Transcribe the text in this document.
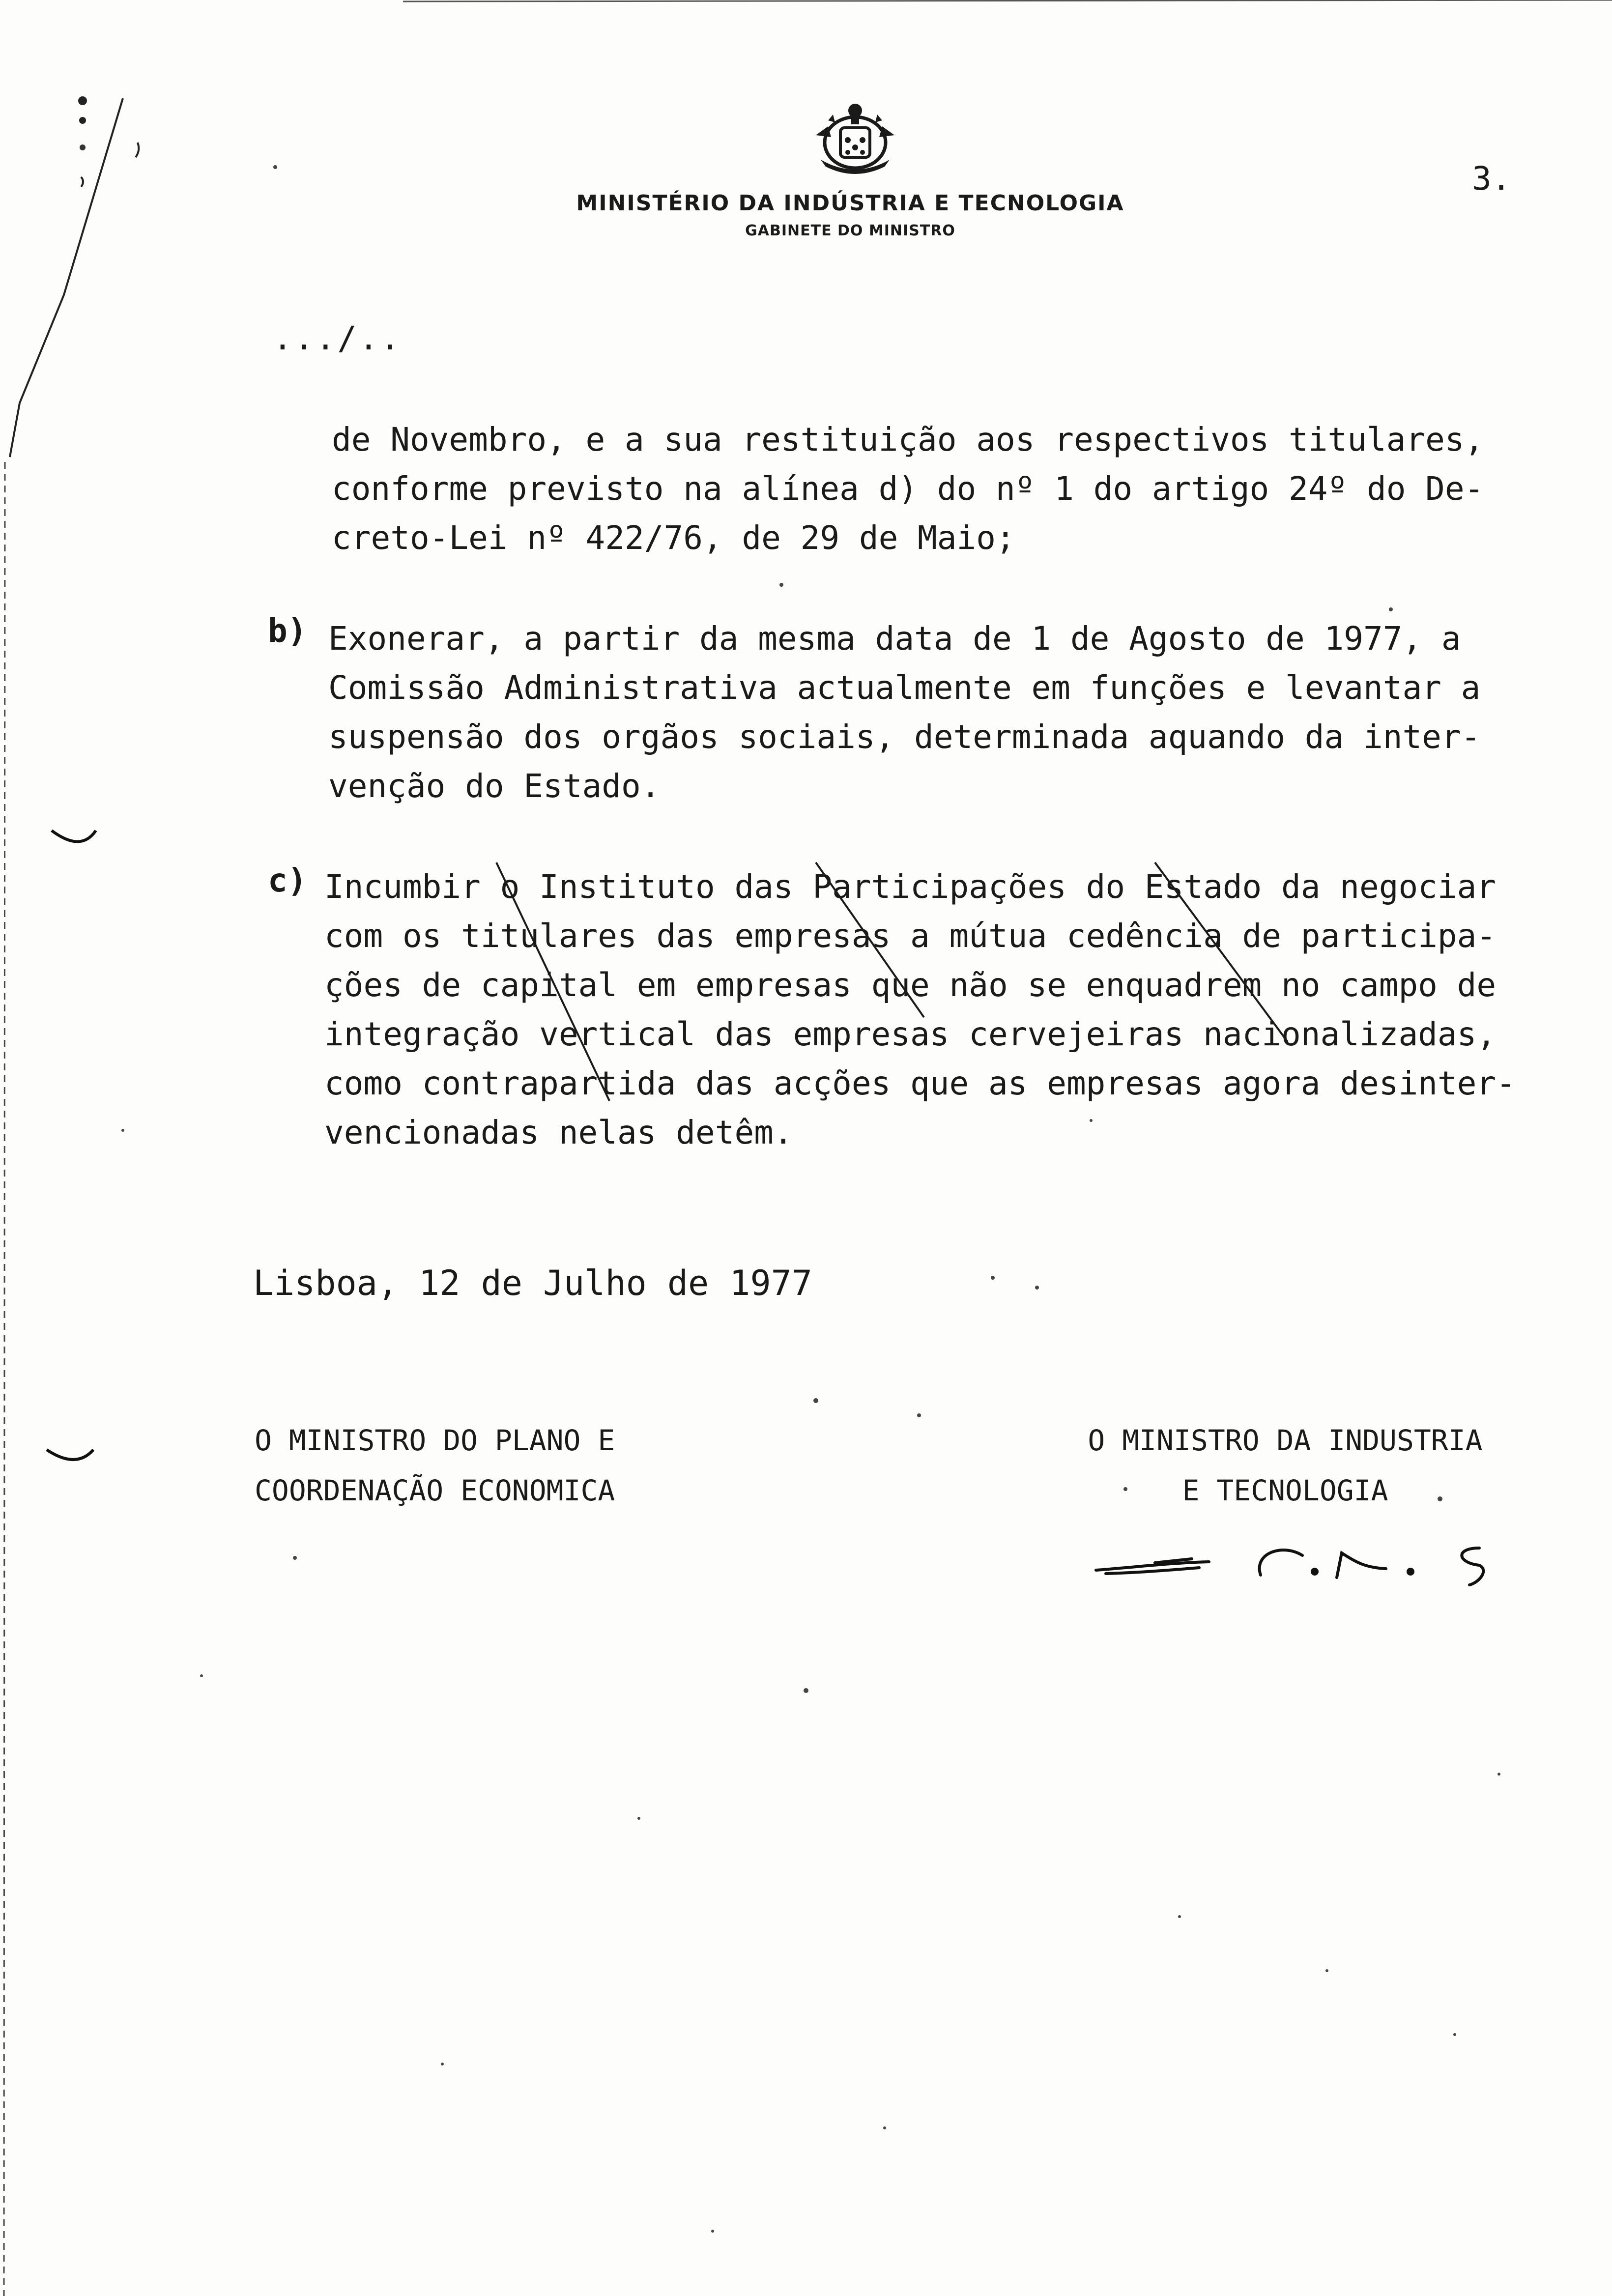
MINISTÉRIO DA INDÚSTRIA E TECNOLOGIA
GABINETE DO MINISTRO
3.
.../..
de Novembro, e a sua restituição aos respectivos titulares,
conforme previsto na alínea d) do nº 1 do artigo 24º do De-
creto-Lei nº 422/76, de 29 de Maio;
b) Exonerar, a partir da mesma data de 1 de Agosto de 1977, a
Comissão Administrativa actualmente em funções e levantar a
suspensão dos orgãos sociais, determinada aquando da inter-
venção do Estado.
c) Incumbir o Instituto das Participações do Estado da negociar
com os titulares das empresas a mútua cedência de participa-
ções de capital em empresas que não se enquadrem no campo de
integração vertical das empresas cervejeiras nacionalizadas,
como contrapartida das acções que as empresas agora desinter-
vencionadas nelas detêm.
Lisboa, 12 de Julho de 1977
O MINISTRO DO PLANO E
COORDENAÇÃO ECONOMICA
O MINISTRO DA INDUSTRIA
E TECNOLOGIA
